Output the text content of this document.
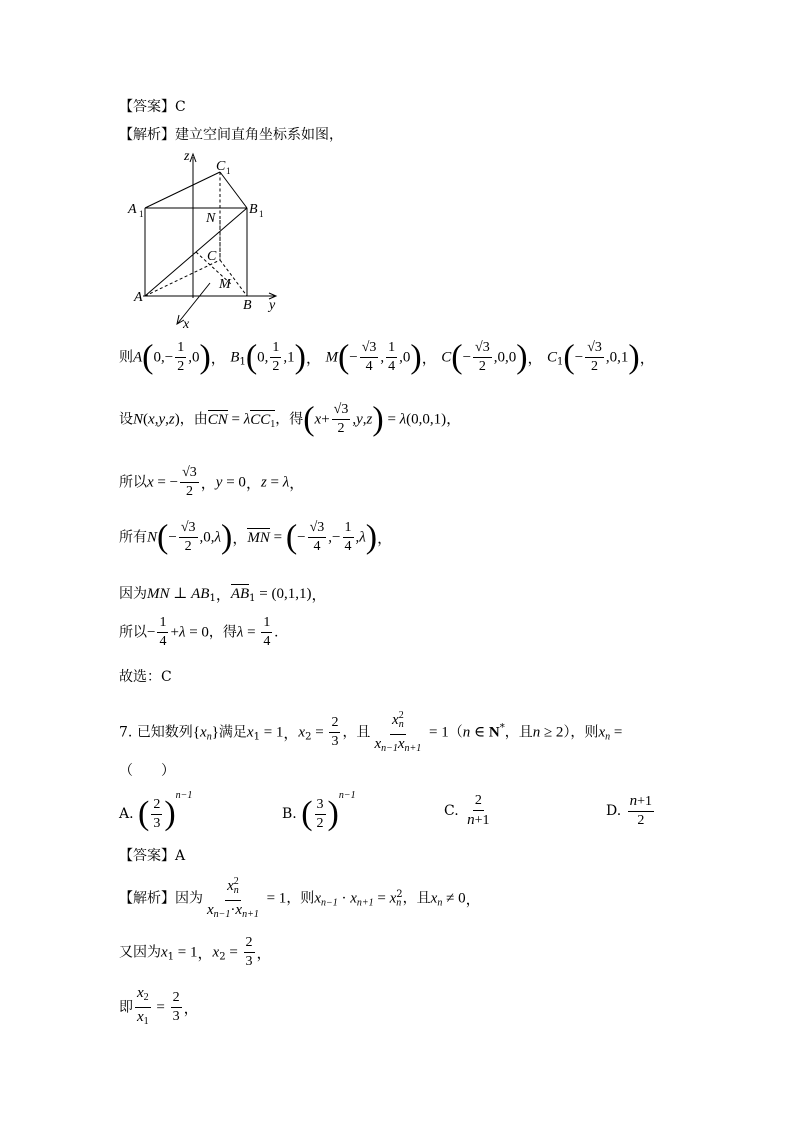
【答案】C
【解析】建立空间直角坐标系如图，
z
y
x
A
A 1
B
B 1
C
C 1
N
M
则$A(0,- \frac{1}{2} ,0)$， $B_1(0$, $\frac{1}{2} ,1$)， $M(- \frac{√3}{4}$ , $\frac{1}{4} ,0$)， $C(- \frac{√3}{2} ,0,0)$， $C_1(- \frac{√3}{2} ,0,1)$，
设N(x,y,z)，由CN = λCC$_1$，得$(x+ \frac{√3}{2} ,y,z) = \lambda(0,0,1)$，
所以x = − $\frac{√3}{2}$ ，y = 0，z = λ，
所有$N(- \frac{√3}{2} ,0,\lambda)$，MN = (− $\frac{√3}{4}$ ,− $\frac{1}{4} ,\lambda$)，
因为MN ⊥ $AB_1$，$AB_1 = (0,1,1)$，
所以− $\frac{1}{4} +\lambda = 0$，得$\lambda = \frac{1}{4}$ .
故选：C
7. 已知数列$\{x_n\}$满足$x_1 = 1$，$x_2 = \frac{2}{3}$ ，且 $\frac{x_n^2}{x_{n-1}x_{n+1}} = 1(n$ ∈ N*，且n ≥ 2），则$x_n$ =
（　　）
A. ( $\frac{2}{3} )^{n-1}$
B. ( $\frac{3}{2} )^{n-1}$
C. $\frac{2}{n+1}$	D. $\frac{n+1}{2}$
【答案】A
【解析】因为 $\frac{x_n^2}{x_{n-1}\cdot x_{n+1}} = 1$，则$x_{n-1} \cdot x_{n+1} = x_n^2$，且$x_n \ne 0$，
又因为$x_1 = 1$，$x_2 = \frac{2}{3}$ ，
即 $\frac{x_2}{x_1} = \frac{2}{3}$ ，
